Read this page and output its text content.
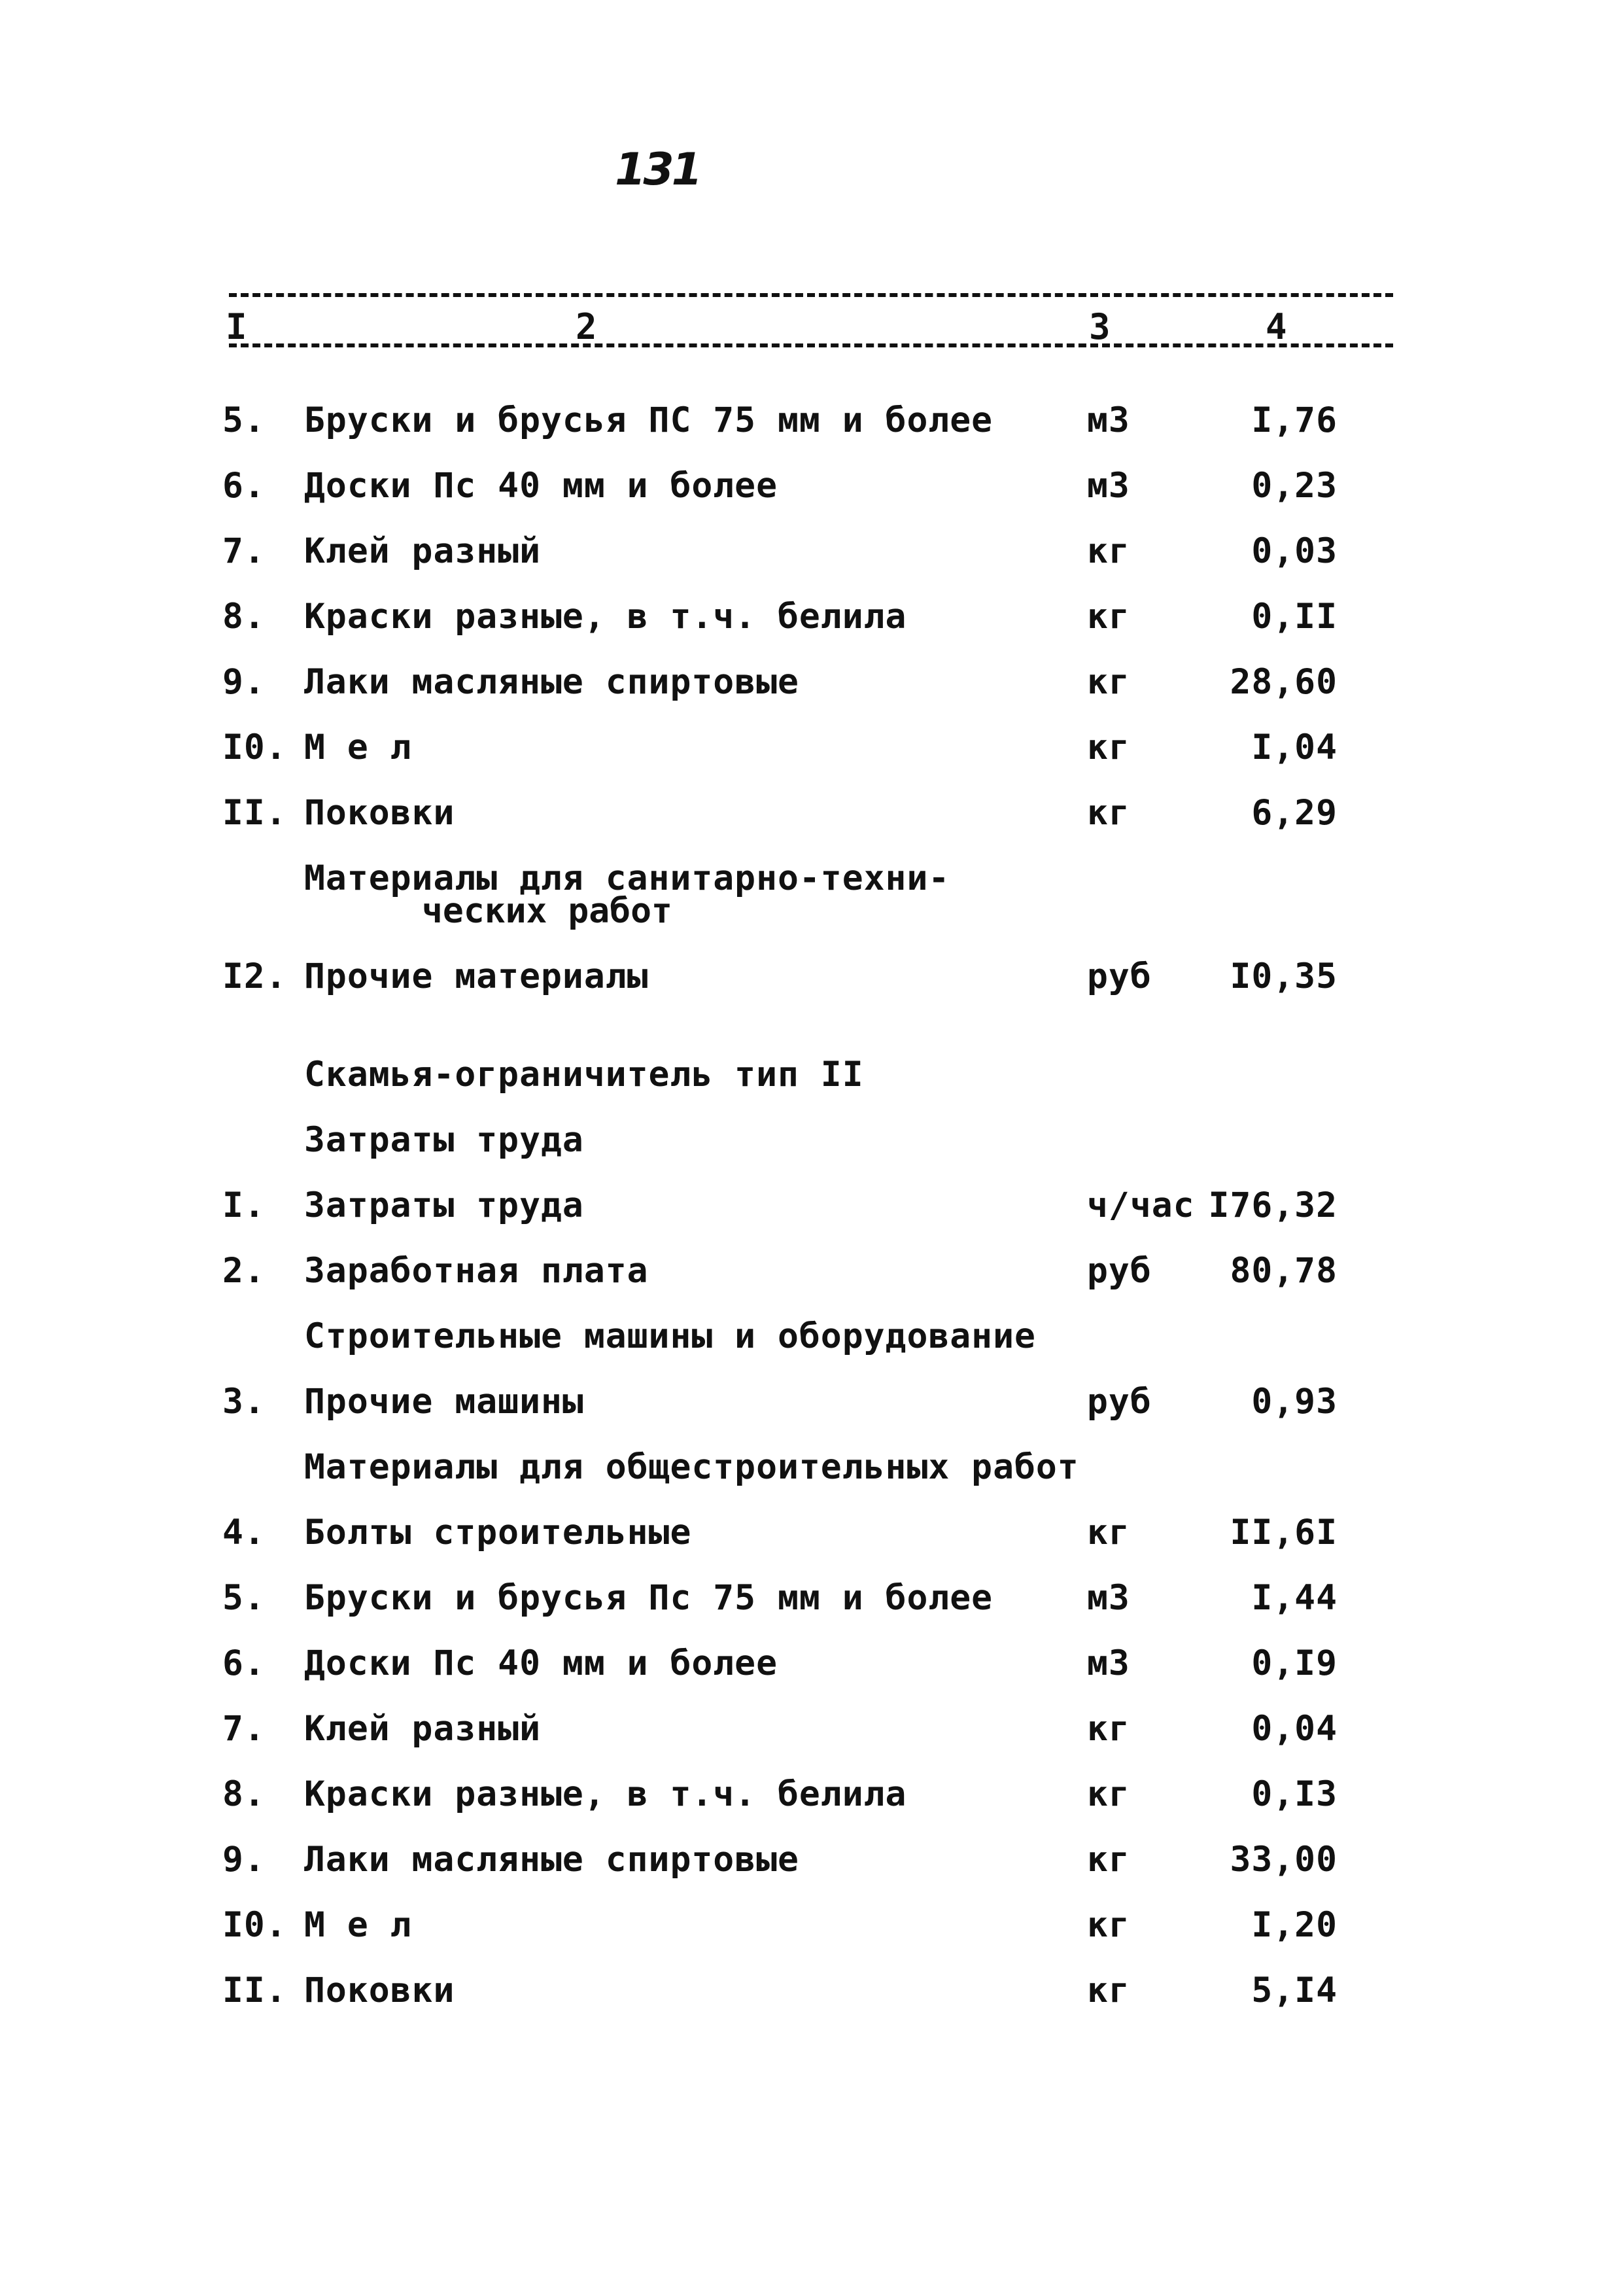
131
I	2	3	4
5. Бруски и брусья ПС 75 мм и более	м3	I,76
6. Доски Пс 40 мм и более	м3	0,23
7. Клей разный	кг	0,03
8. Краски разные, в т.ч. белила	кг	0,II
9. Лаки масляные спиртовые	кг	28,60
I0. М е л	кг	I,04
II. Поковки	кг	6,29
Материалы для санитарно-техни-
ческих работ
I2. Прочие материалы	руб I0,35
Скамья-ограничитель тип II
Затраты труда
I. Затраты труда	ч/час I76,32
2. Заработная плата	руб 80,78
Строительные машины и оборудование
3. Прочие машины	руб	0,93
Материалы для общестроительных работ
4. Болты строительные	кг	II,6I
5. Бруски и брусья Пс 75 мм и более	м3	I,44
6. Доски Пс 40 мм и более	м3	0,I9
7. Клей разный	кг	0,04
8. Краски разные, в т.ч. белила	кг	0,I3
9. Лаки масляные спиртовые	кг	33,00
I0. М е л	кг	I,20
II. Поковки	кг	5,I4
